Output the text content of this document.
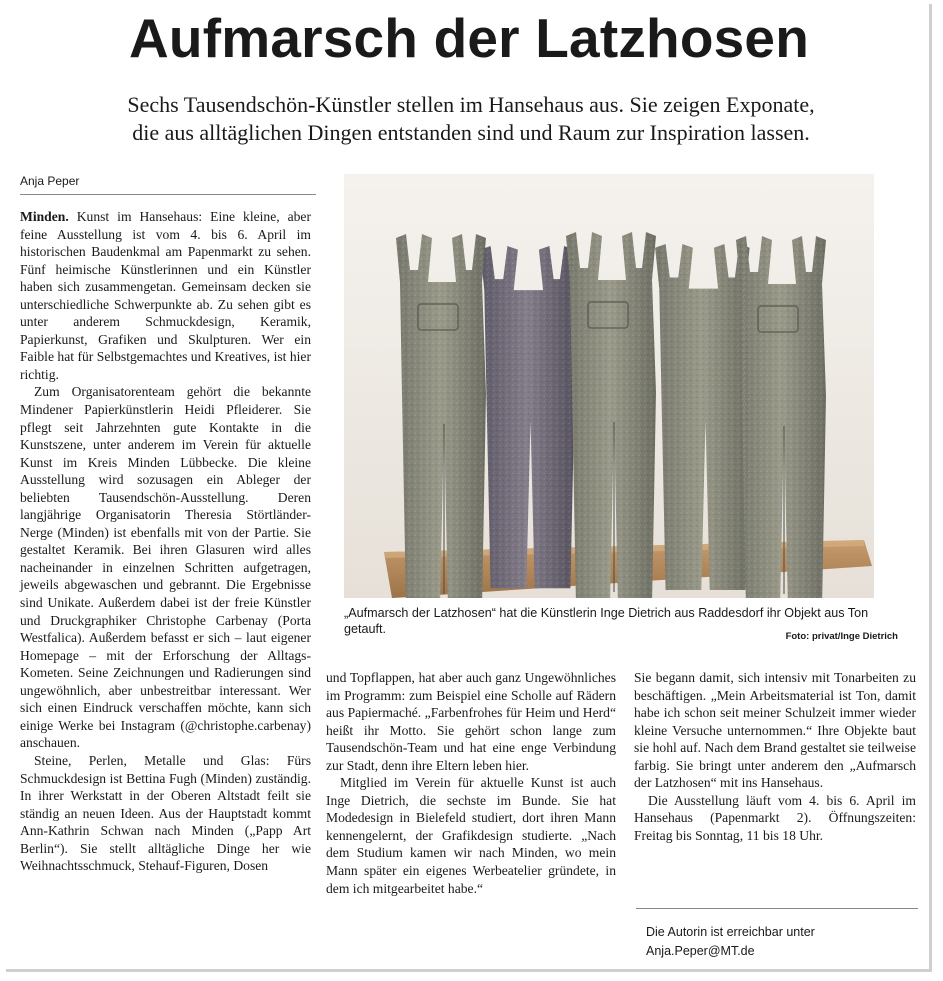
Aufmarsch der Latzhosen
Sechs Tausendschön-Künstler stellen im Hansehaus aus. Sie zeigen Exponate,
die aus alltäglichen Dingen entstanden sind und Raum zur Inspiration lassen.
Anja Peper
„Aufmarsch der Latzhosen“ hat die Künstlerin Inge Dietrich aus Raddesdorf ihr Objekt aus Ton getauft.
Foto: privat/Inge Dietrich

Minden. Kunst im Hansehaus: Eine kleine, aber feine Ausstellung ist vom 4. bis 6. April im historischen Baudenkmal am Papenmarkt zu sehen. Fünf heimische Künstlerinnen und ein Künstler haben sich zusammengetan. Gemeinsam decken sie unterschiedliche Schwerpunkte ab. Zu sehen gibt es unter anderem Schmuckdesign, Keramik, Papierkunst, Grafiken und Skulpturen. Wer ein Faible hat für Selbstgemachtes und Kreatives, ist hier richtig.

Zum Organisatorenteam gehört die bekannte Mindener Papierkünstlerin Heidi Pfleiderer. Sie pflegt seit Jahrzehnten gute Kontakte in die Kunstszene, unter anderem im Verein für aktuelle Kunst im Kreis Minden Lübbecke. Die kleine Ausstellung wird sozusagen ein Ableger der beliebten Tausendschön-Ausstellung. Deren langjährige Organisatorin Theresia Störtländer- Nerge (Minden) ist ebenfalls mit von der Partie. Sie gestaltet Keramik. Bei ihren Glasuren wird alles nacheinander in einzelnen Schritten aufgetragen, jeweils abgewaschen und gebrannt. Die Ergebnisse sind Unikate. Außerdem dabei ist der freie Künstler und Druckgraphiker Christophe Carbenay (Porta Westfalica). Außerdem befasst er sich – laut eigener Homepage – mit der Erforschung der Alltags-Kometen. Seine Zeichnungen und Radierungen sind ungewöhnlich, aber unbestreitbar interessant. Wer sich einen Eindruck verschaffen möchte, kann sich einige Werke bei Instagram (@christophe.carbenay) anschauen.

Steine, Perlen, Metalle und Glas: Fürs Schmuckdesign ist Bettina Fugh (Minden) zuständig. In ihrer Werkstatt in der Oberen Altstadt feilt sie ständig an neuen Ideen. Aus der Hauptstadt kommt Ann-Kathrin Schwan nach Minden („Papp Art Berlin“). Sie stellt alltägliche Dinge her wie Weihnachtsschmuck, Stehauf-Figuren, Dosen

und Topflappen, hat aber auch ganz Ungewöhnliches im Programm: zum Beispiel eine Scholle auf Rädern aus Papiermaché. „Farbenfrohes für Heim und Herd“ heißt ihr Motto. Sie gehört schon lange zum Tausendschön-Team und hat eine enge Verbindung zur Stadt, denn ihre Eltern leben hier.

Mitglied im Verein für aktuelle Kunst ist auch Inge Dietrich, die sechste im Bunde. Sie hat Modedesign in Bielefeld studiert, dort ihren Mann kennengelernt, der Grafikdesign studierte. „Nach dem Studium kamen wir nach Minden, wo mein Mann später ein eigenes Werbeatelier gründete, in dem ich mitgearbeitet habe.“

Sie begann damit, sich intensiv mit Tonarbeiten zu beschäftigen. „Mein Arbeitsmaterial ist Ton, damit habe ich schon seit meiner Schulzeit immer wieder kleine Versuche unternommen.“ Ihre Objekte baut sie hohl auf. Nach dem Brand gestaltet sie teilweise farbig. Sie bringt unter anderem den „Aufmarsch der Latzhosen“ mit ins Hansehaus.

Die Ausstellung läuft vom 4. bis 6. April im Hansehaus (Papenmarkt 2). Öffnungszeiten: Freitag bis Sonntag, 11 bis 18 Uhr.

Die Autorin ist erreichbar unter
Anja.Peper@MT.de
